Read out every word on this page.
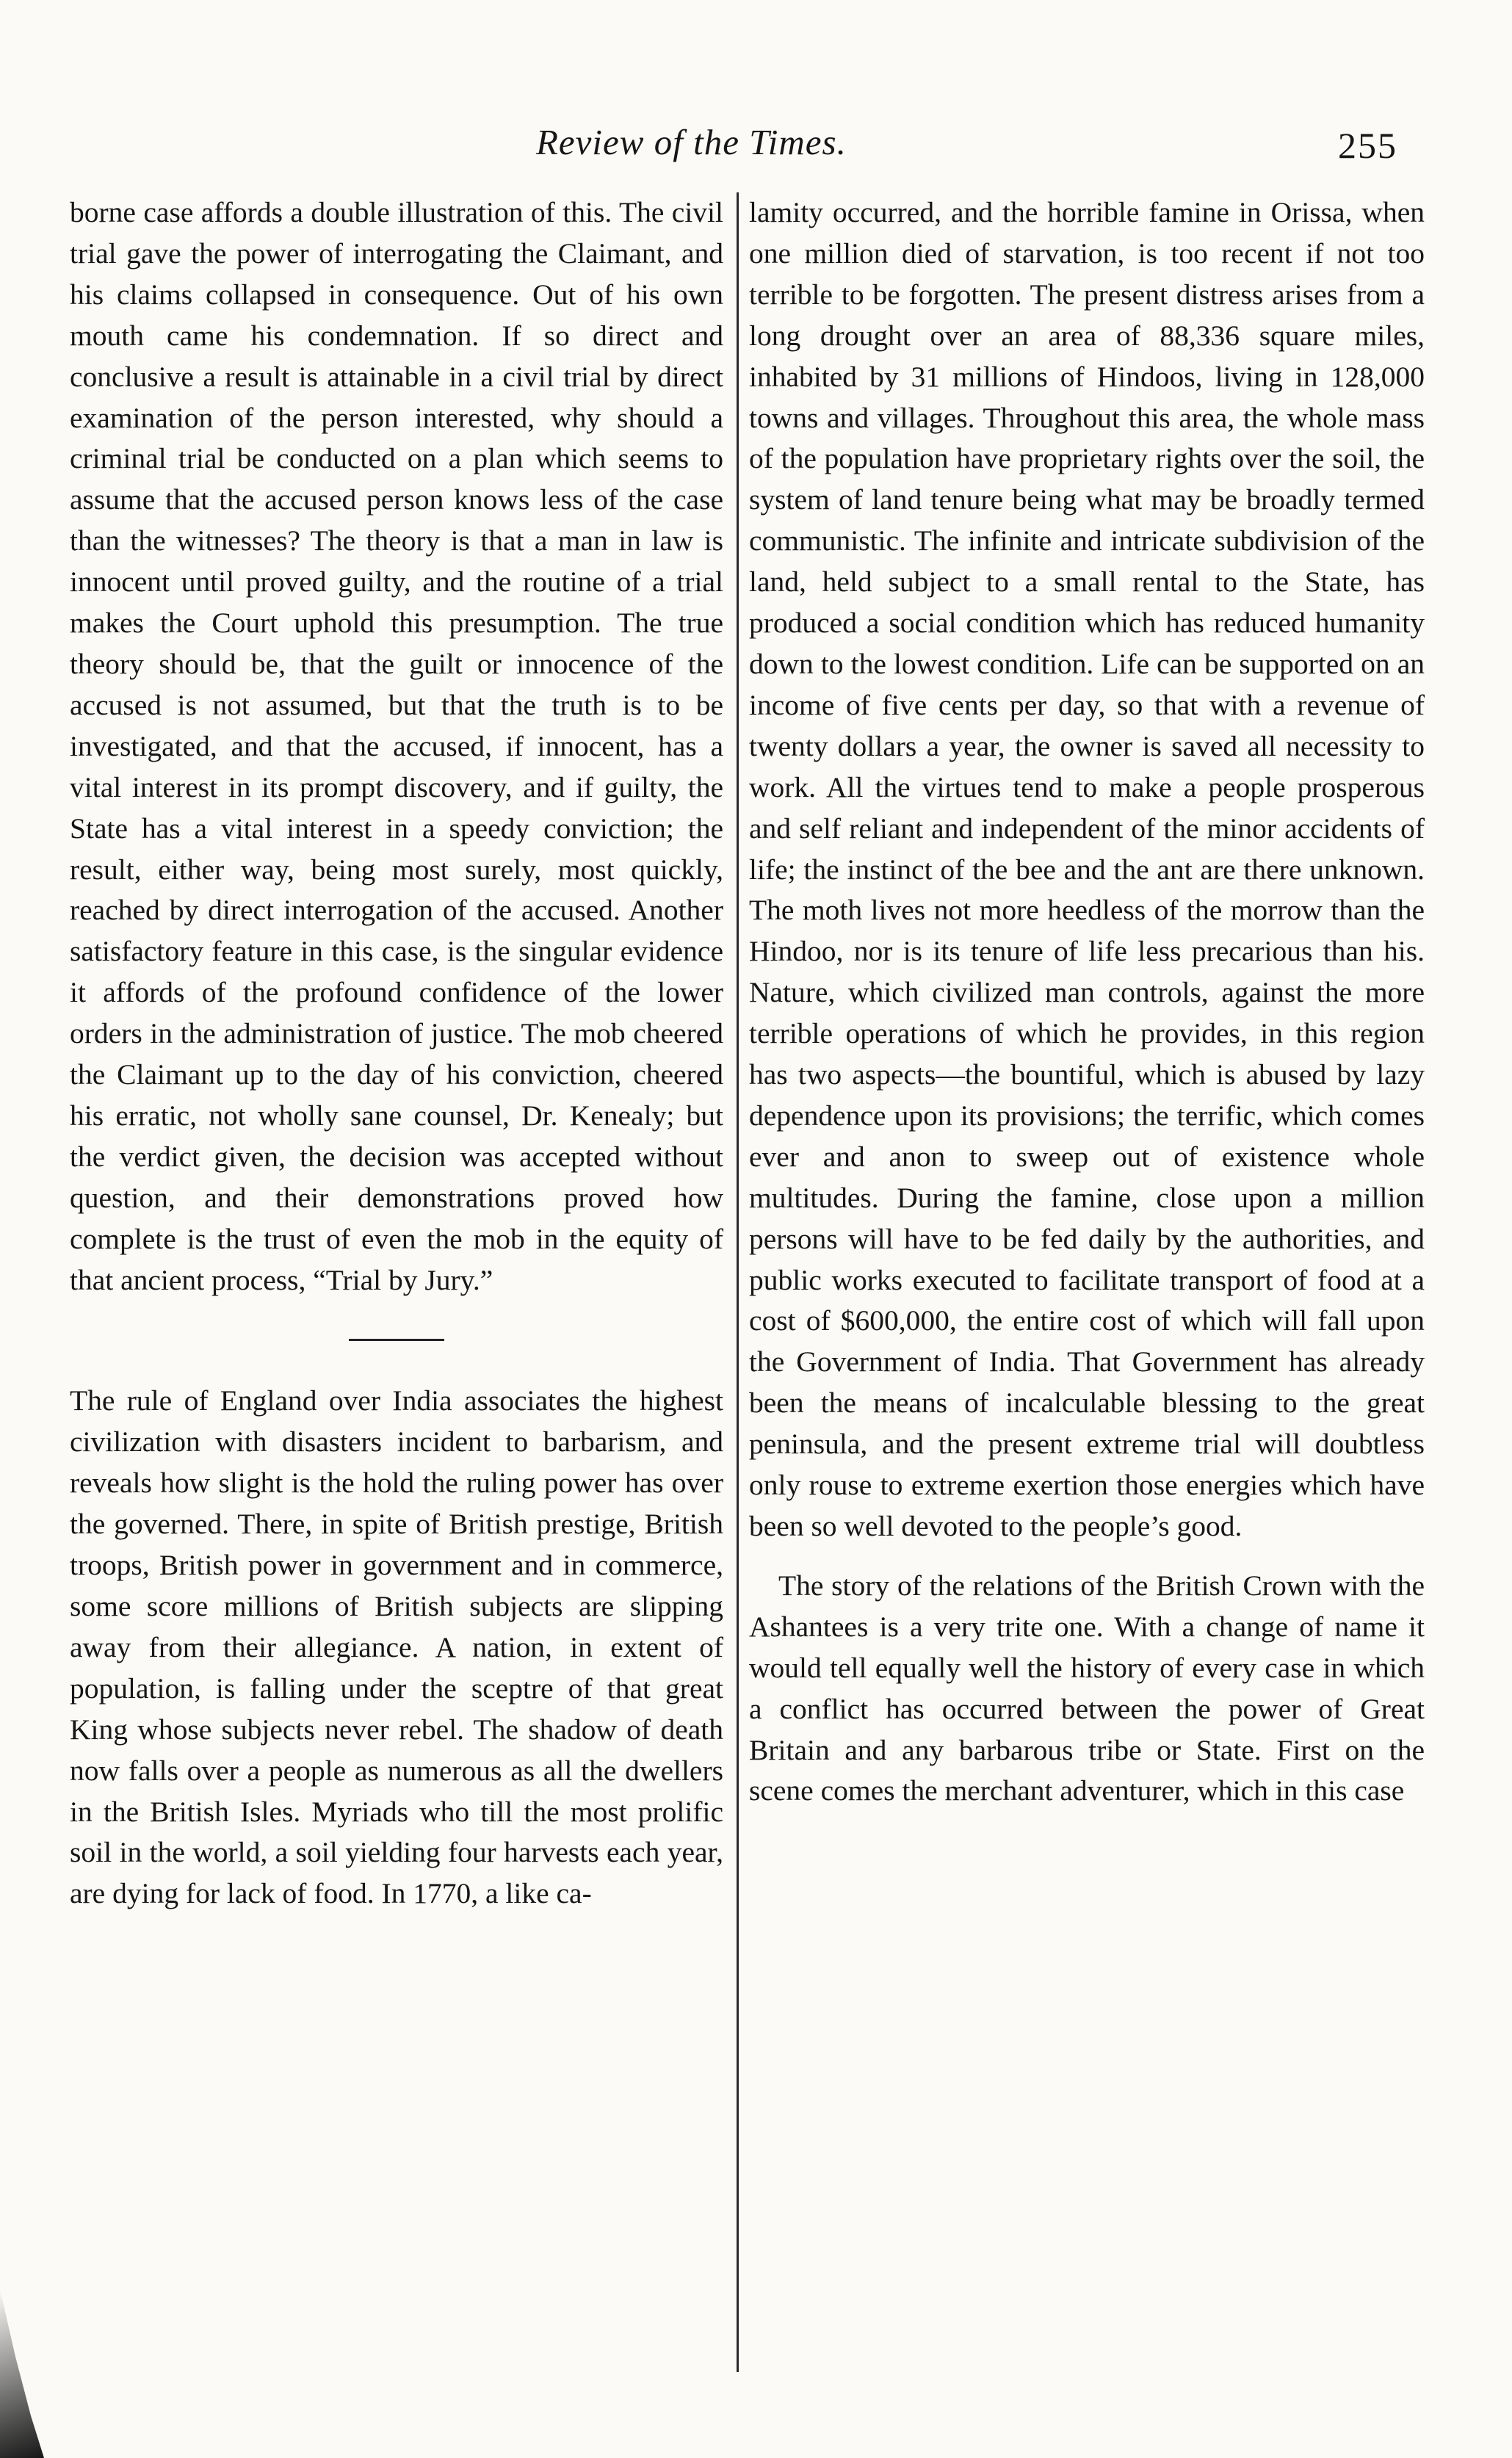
Review of the Times.	255

borne case affords a double illustration of this. The civil trial gave the power of interrogating the Claimant, and his claims collapsed in consequence. Out of his own mouth came his condemnation. If so direct and conclusive a result is attainable in a civil trial by direct examination of the person interested, why should a criminal trial be conducted on a plan which seems to assume that the accused person knows less of the case than the witnesses? The theory is that a man in law is innocent until proved guilty, and the routine of a trial makes the Court uphold this presumption. The true theory should be, that the guilt or innocence of the accused is not assumed, but that the truth is to be investigated, and that the accused, if innocent, has a vital interest in its prompt discovery, and if guilty, the State has a vital interest in a speedy conviction; the result, either way, being most surely, most quickly, reached by direct interrogation of the accused. Another satisfactory feature in this case, is the singular evidence it affords of the profound confidence of the lower orders in the administration of justice. The mob cheered the Claimant up to the day of his conviction, cheered his erratic, not wholly sane counsel, Dr. Kenealy; but the verdict given, the decision was accepted without question, and their demonstrations proved how complete is the trust of even the mob in the equity of that ancient process, “Trial by Jury.”

The rule of England over India associates the highest civilization with disasters incident to barbarism, and reveals how slight is the hold the ruling power has over the governed. There, in spite of British prestige, British troops, British power in government and in commerce, some score millions of British subjects are slipping away from their allegiance. A nation, in extent of population, is falling under the sceptre of that great King whose subjects never rebel. The shadow of death now falls over a people as numerous as all the dwellers in the British Isles. Myriads who till the most prolific soil in the world, a soil yielding four harvests each year, are dying for lack of food. In 1770, a like ca-

lamity occurred, and the horrible famine in Orissa, when one million died of starvation, is too recent if not too terrible to be forgotten. The present distress arises from a long drought over an area of 88,336 square miles, inhabited by 31 millions of Hindoos, living in 128,000 towns and villages. Throughout this area, the whole mass of the population have proprietary rights over the soil, the system of land tenure being what may be broadly termed communistic. The infinite and intricate subdivision of the land, held subject to a small rental to the State, has produced a social condition which has reduced humanity down to the lowest condition. Life can be supported on an income of five cents per day, so that with a revenue of twenty dollars a year, the owner is saved all necessity to work. All the virtues tend to make a people prosperous and self reliant and independent of the minor accidents of life; the instinct of the bee and the ant are there unknown. The moth lives not more heedless of the morrow than the Hindoo, nor is its tenure of life less precarious than his. Nature, which civilized man controls, against the more terrible operations of which he provides, in this region has two aspects—the bountiful, which is abused by lazy dependence upon its provisions; the terrific, which comes ever and anon to sweep out of existence whole multitudes. During the famine, close upon a million persons will have to be fed daily by the authorities, and public works executed to facilitate transport of food at a cost of $600,000, the entire cost of which will fall upon the Government of India. That Government has already been the means of incalculable blessing to the great peninsula, and the present extreme trial will doubtless only rouse to extreme exertion those energies which have been so well devoted to the people’s good.

The story of the relations of the British Crown with the Ashantees is a very trite one. With a change of name it would tell equally well the history of every case in which a conflict has occurred between the power of Great Britain and any barbarous tribe or State. First on the scene comes the merchant adventurer, which in this case
